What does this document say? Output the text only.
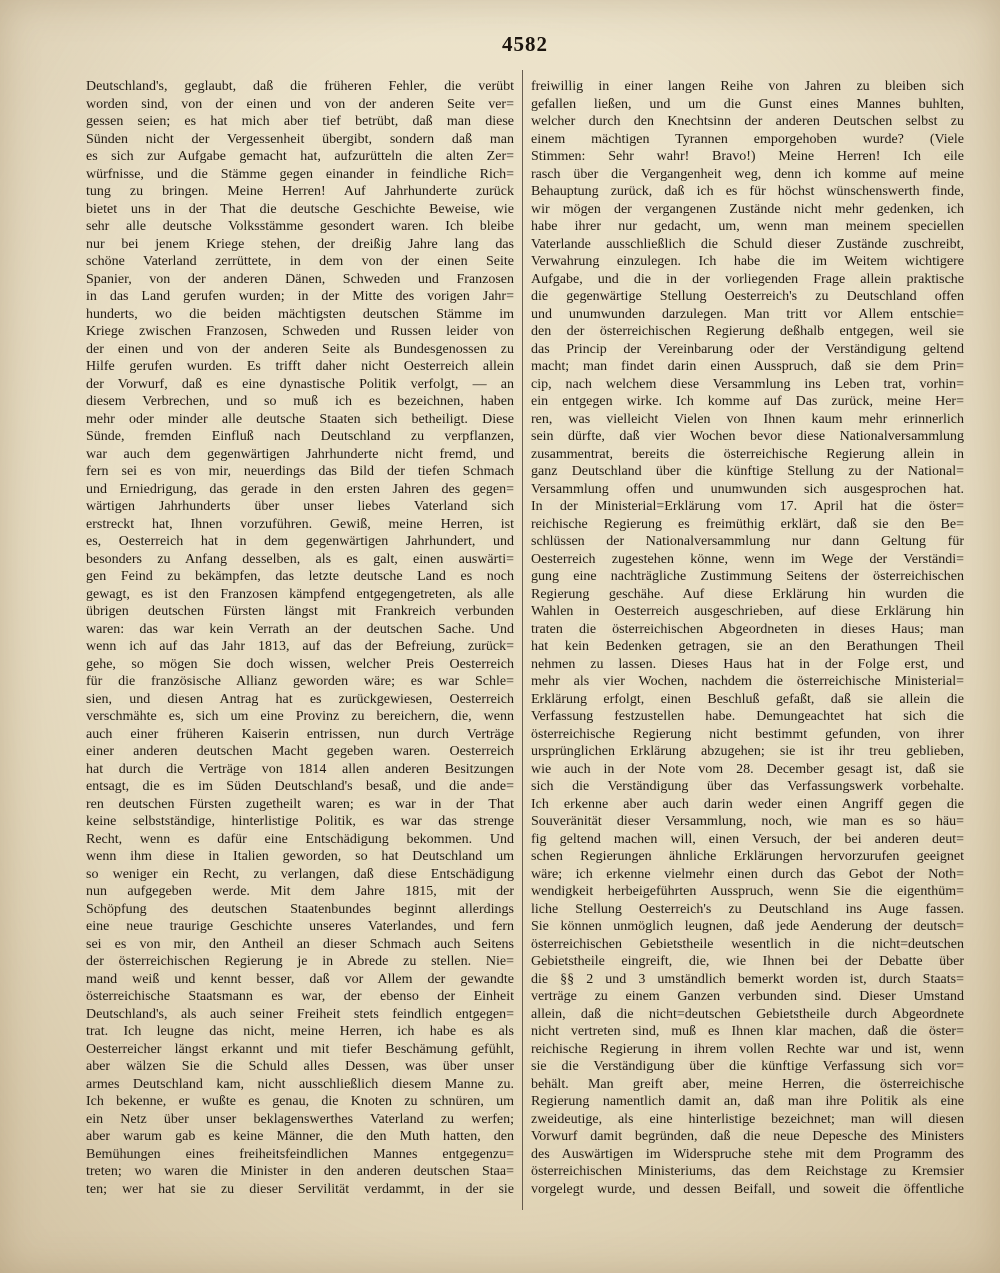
4582
Deutschland's, geglaubt, daß die früheren Fehler, die verübt
worden sind, von der einen und von der anderen Seite ver=
gessen seien; es hat mich aber tief betrübt, daß man diese
Sünden nicht der Vergessenheit übergibt, sondern daß man
es sich zur Aufgabe gemacht hat, aufzurütteln die alten Zer=
würfnisse, und die Stämme gegen einander in feindliche Rich=
tung zu bringen. Meine Herren! Auf Jahrhunderte zurück
bietet uns in der That die deutsche Geschichte Beweise, wie
sehr alle deutsche Volksstämme gesondert waren. Ich bleibe
nur bei jenem Kriege stehen, der dreißig Jahre lang das
schöne Vaterland zerrüttete, in dem von der einen Seite
Spanier, von der anderen Dänen, Schweden und Franzosen
in das Land gerufen wurden; in der Mitte des vorigen Jahr=
hunderts, wo die beiden mächtigsten deutschen Stämme im
Kriege zwischen Franzosen, Schweden und Russen leider von
der einen und von der anderen Seite als Bundesgenossen zu
Hilfe gerufen wurden. Es trifft daher nicht Oesterreich allein
der Vorwurf, daß es eine dynastische Politik verfolgt, — an
diesem Verbrechen, und so muß ich es bezeichnen, haben
mehr oder minder alle deutsche Staaten sich betheiligt. Diese
Sünde, fremden Einfluß nach Deutschland zu verpflanzen,
war auch dem gegenwärtigen Jahrhunderte nicht fremd, und
fern sei es von mir, neuerdings das Bild der tiefen Schmach
und Erniedrigung, das gerade in den ersten Jahren des gegen=
wärtigen Jahrhunderts über unser liebes Vaterland sich
erstreckt hat, Ihnen vorzuführen. Gewiß, meine Herren, ist
es, Oesterreich hat in dem gegenwärtigen Jahrhundert, und
besonders zu Anfang desselben, als es galt, einen auswärti=
gen Feind zu bekämpfen, das letzte deutsche Land es noch
gewagt, es ist den Franzosen kämpfend entgegengetreten, als alle
übrigen deutschen Fürsten längst mit Frankreich verbunden
waren: das war kein Verrath an der deutschen Sache. Und
wenn ich auf das Jahr 1813, auf das der Befreiung, zurück=
gehe, so mögen Sie doch wissen, welcher Preis Oesterreich
für die französische Allianz geworden wäre; es war Schle=
sien, und diesen Antrag hat es zurückgewiesen, Oesterreich
verschmähte es, sich um eine Provinz zu bereichern, die, wenn
auch einer früheren Kaiserin entrissen, nun durch Verträge
einer anderen deutschen Macht gegeben waren. Oesterreich
hat durch die Verträge von 1814 allen anderen Besitzungen
entsagt, die es im Süden Deutschland's besaß, und die ande=
ren deutschen Fürsten zugetheilt waren; es war in der That
keine selbstständige, hinterlistige Politik, es war das strenge
Recht, wenn es dafür eine Entschädigung bekommen. Und
wenn ihm diese in Italien geworden, so hat Deutschland um
so weniger ein Recht, zu verlangen, daß diese Entschädigung
nun aufgegeben werde. Mit dem Jahre 1815, mit der
Schöpfung des deutschen Staatenbundes beginnt allerdings
eine neue traurige Geschichte unseres Vaterlandes, und fern
sei es von mir, den Antheil an dieser Schmach auch Seitens
der österreichischen Regierung je in Abrede zu stellen. Nie=
mand weiß und kennt besser, daß vor Allem der gewandte
österreichische Staatsmann es war, der ebenso der Einheit
Deutschland's, als auch seiner Freiheit stets feindlich entgegen=
trat. Ich leugne das nicht, meine Herren, ich habe es als
Oesterreicher längst erkannt und mit tiefer Beschämung gefühlt,
aber wälzen Sie die Schuld alles Dessen, was über unser
armes Deutschland kam, nicht ausschließlich diesem Manne zu.
Ich bekenne, er wußte es genau, die Knoten zu schnüren, um
ein Netz über unser beklagenswerthes Vaterland zu werfen;
aber warum gab es keine Männer, die den Muth hatten, den
Bemühungen eines freiheitsfeindlichen Mannes entgegenzu=
treten; wo waren die Minister in den anderen deutschen Staa=
ten; wer hat sie zu dieser Servilität verdammt, in der sie
freiwillig in einer langen Reihe von Jahren zu bleiben sich
gefallen ließen, und um die Gunst eines Mannes buhlten,
welcher durch den Knechtsinn der anderen Deutschen selbst zu
einem mächtigen Tyrannen emporgehoben wurde? (Viele
Stimmen: Sehr wahr! Bravo!) Meine Herren! Ich eile
rasch über die Vergangenheit weg, denn ich komme auf meine
Behauptung zurück, daß ich es für höchst wünschenswerth finde,
wir mögen der vergangenen Zustände nicht mehr gedenken, ich
habe ihrer nur gedacht, um, wenn man meinem speciellen
Vaterlande ausschließlich die Schuld dieser Zustände zuschreibt,
Verwahrung einzulegen. Ich habe die im Weitem wichtigere
Aufgabe, und die in der vorliegenden Frage allein praktische
die gegenwärtige Stellung Oesterreich's zu Deutschland offen
und unumwunden darzulegen. Man tritt vor Allem entschie=
den der österreichischen Regierung deßhalb entgegen, weil sie
das Princip der Vereinbarung oder der Verständigung geltend
macht; man findet darin einen Ausspruch, daß sie dem Prin=
cip, nach welchem diese Versammlung ins Leben trat, vorhin=
ein entgegen wirke. Ich komme auf Das zurück, meine Her=
ren, was vielleicht Vielen von Ihnen kaum mehr erinnerlich
sein dürfte, daß vier Wochen bevor diese Nationalversammlung
zusammentrat, bereits die österreichische Regierung allein in
ganz Deutschland über die künftige Stellung zu der National=
Versammlung offen und unumwunden sich ausgesprochen hat.
In der Ministerial=Erklärung vom 17. April hat die öster=
reichische Regierung es freimüthig erklärt, daß sie den Be=
schlüssen der Nationalversammlung nur dann Geltung für
Oesterreich zugestehen könne, wenn im Wege der Verständi=
gung eine nachträgliche Zustimmung Seitens der österreichischen
Regierung geschähe. Auf diese Erklärung hin wurden die
Wahlen in Oesterreich ausgeschrieben, auf diese Erklärung hin
traten die österreichischen Abgeordneten in dieses Haus; man
hat kein Bedenken getragen, sie an den Berathungen Theil
nehmen zu lassen. Dieses Haus hat in der Folge erst, und
mehr als vier Wochen, nachdem die österreichische Ministerial=
Erklärung erfolgt, einen Beschluß gefaßt, daß sie allein die
Verfassung festzustellen habe. Demungeachtet hat sich die
österreichische Regierung nicht bestimmt gefunden, von ihrer
ursprünglichen Erklärung abzugehen; sie ist ihr treu geblieben,
wie auch in der Note vom 28. December gesagt ist, daß sie
sich die Verständigung über das Verfassungswerk vorbehalte.
Ich erkenne aber auch darin weder einen Angriff gegen die
Souveränität dieser Versammlung, noch, wie man es so häu=
fig geltend machen will, einen Versuch, der bei anderen deut=
schen Regierungen ähnliche Erklärungen hervorzurufen geeignet
wäre; ich erkenne vielmehr einen durch das Gebot der Noth=
wendigkeit herbeigeführten Ausspruch, wenn Sie die eigenthüm=
liche Stellung Oesterreich's zu Deutschland ins Auge fassen.
Sie können unmöglich leugnen, daß jede Aenderung der deutsch=
österreichischen Gebietstheile wesentlich in die nicht=deutschen
Gebietstheile eingreift, die, wie Ihnen bei der Debatte über
die §§ 2 und 3 umständlich bemerkt worden ist, durch Staats=
verträge zu einem Ganzen verbunden sind. Dieser Umstand
allein, daß die nicht=deutschen Gebietstheile durch Abgeordnete
nicht vertreten sind, muß es Ihnen klar machen, daß die öster=
reichische Regierung in ihrem vollen Rechte war und ist, wenn
sie die Verständigung über die künftige Verfassung sich vor=
behält. Man greift aber, meine Herren, die österreichische
Regierung namentlich damit an, daß man ihre Politik als eine
zweideutige, als eine hinterlistige bezeichnet; man will diesen
Vorwurf damit begründen, daß die neue Depesche des Ministers
des Auswärtigen im Widerspruche stehe mit dem Programm des
österreichischen Ministeriums, das dem Reichstage zu Kremsier
vorgelegt wurde, und dessen Beifall, und soweit die öffentliche
